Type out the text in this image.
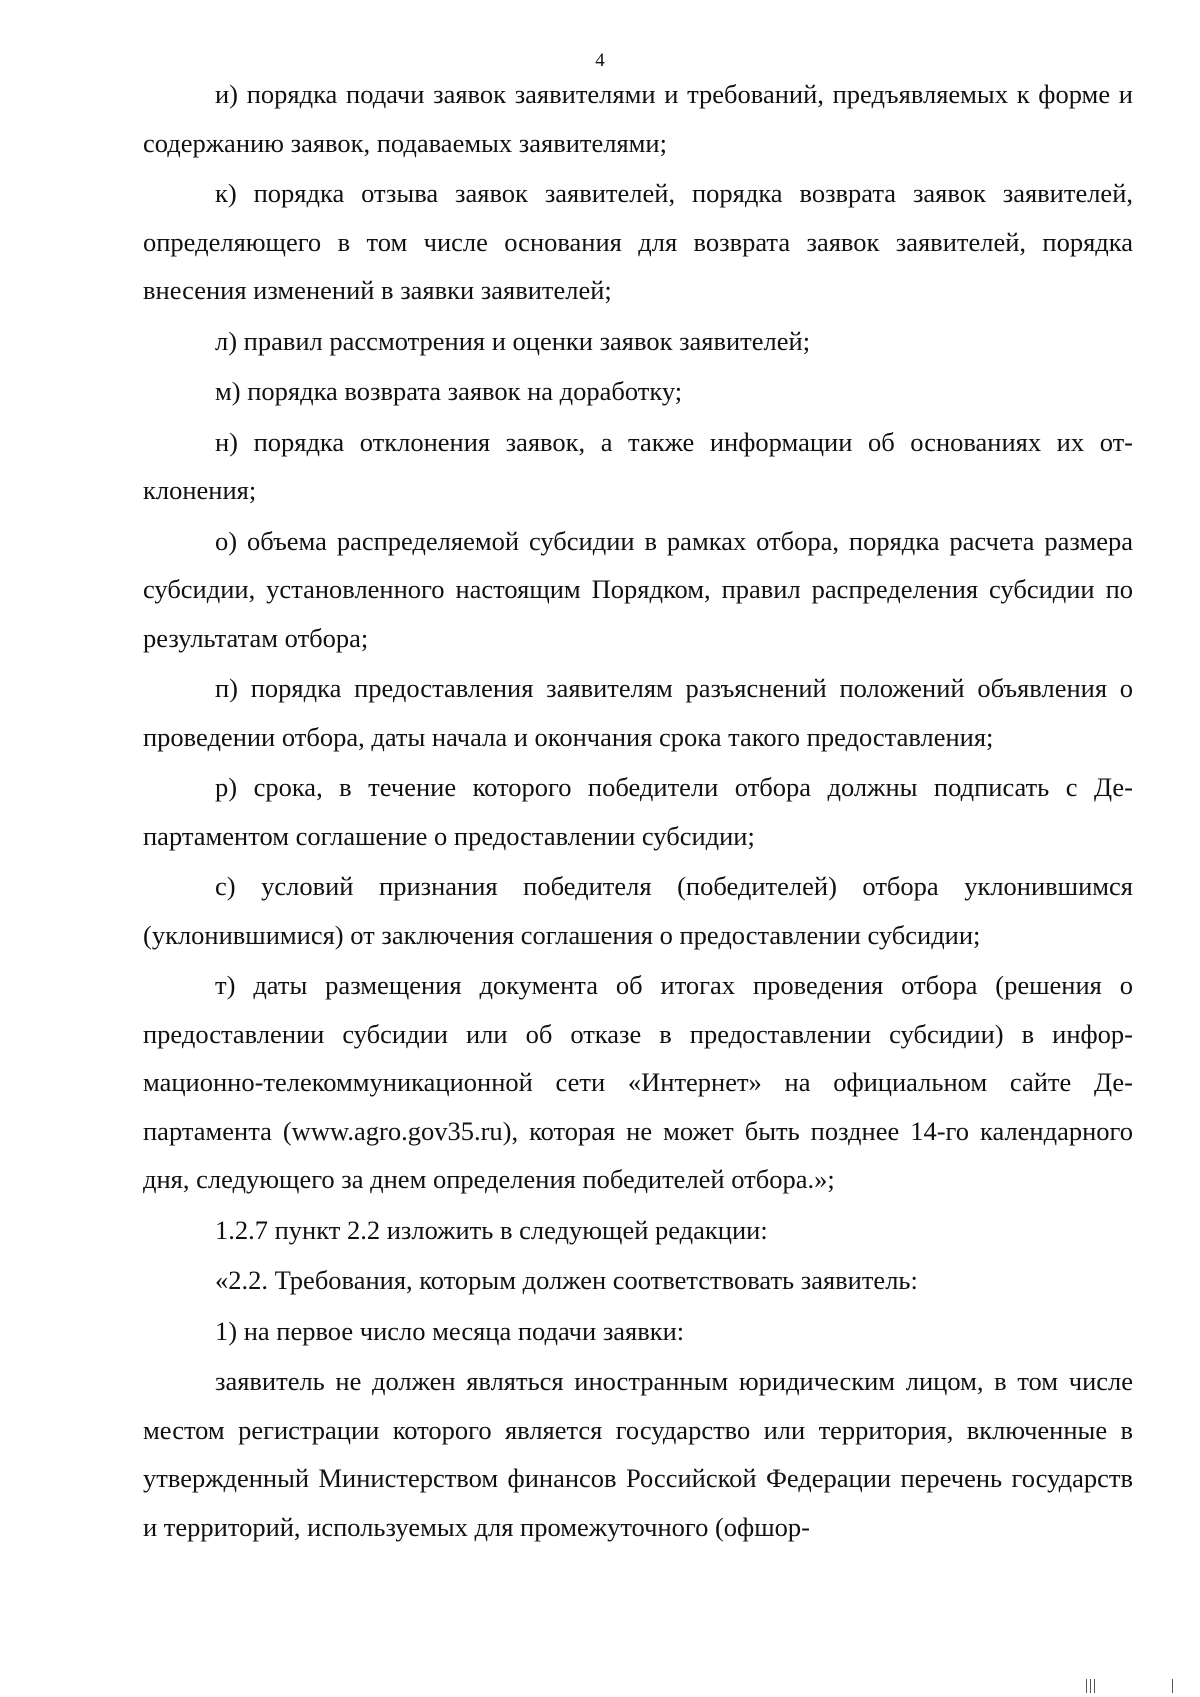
4

и) порядка подачи заявок заявителями и требований, предъявляемых к форме и содержанию заявок, подаваемых заявителями;

к) порядка отзыва заявок заявителей, порядка возврата заявок заявителей, определяющего в том числе основания для возврата заявок заявителей, порядка внесения изменений в заявки заявителей;

л) правил рассмотрения и оценки заявок заявителей;

м) порядка возврата заявок на доработку;

н) порядка отклонения заявок, а также информации об основаниях их отклонения;

о) объема распределяемой субсидии в рамках отбора, порядка расчета размера субсидии, установленного настоящим Порядком, правил распределения субсидии по результатам отбора;

п) порядка предоставления заявителям разъяснений положений объявления о проведении отбора, даты начала и окончания срока такого предоставления;

р) срока, в течение которого победители отбора должны подписать с Департаментом соглашение о предоставлении субсидии;

с) условий признания победителя (победителей) отбора уклонившимся (уклонившимися) от заключения соглашения о предоставлении субсидии;

т) даты размещения документа об итогах проведения отбора (решения о предоставлении субсидии или об отказе в предоставлении субсидии) в информационно-телекоммуникационной сети «Интернет» на официальном сайте Департамента (www.agro.gov35.ru), которая не может быть позднее 14-го календарного дня, следующего за днем определения победителей отбора.»;

1.2.7 пункт 2.2 изложить в следующей редакции:

«2.2. Требования, которым должен соответствовать заявитель:

1) на первое число месяца подачи заявки:

заявитель не должен являться иностранным юридическим лицом, в том числе местом регистрации которого является государство или территория, включенные в утвержденный Министерством финансов Российской Федерации перечень государств и территорий, используемых для промежуточного (офшор-
